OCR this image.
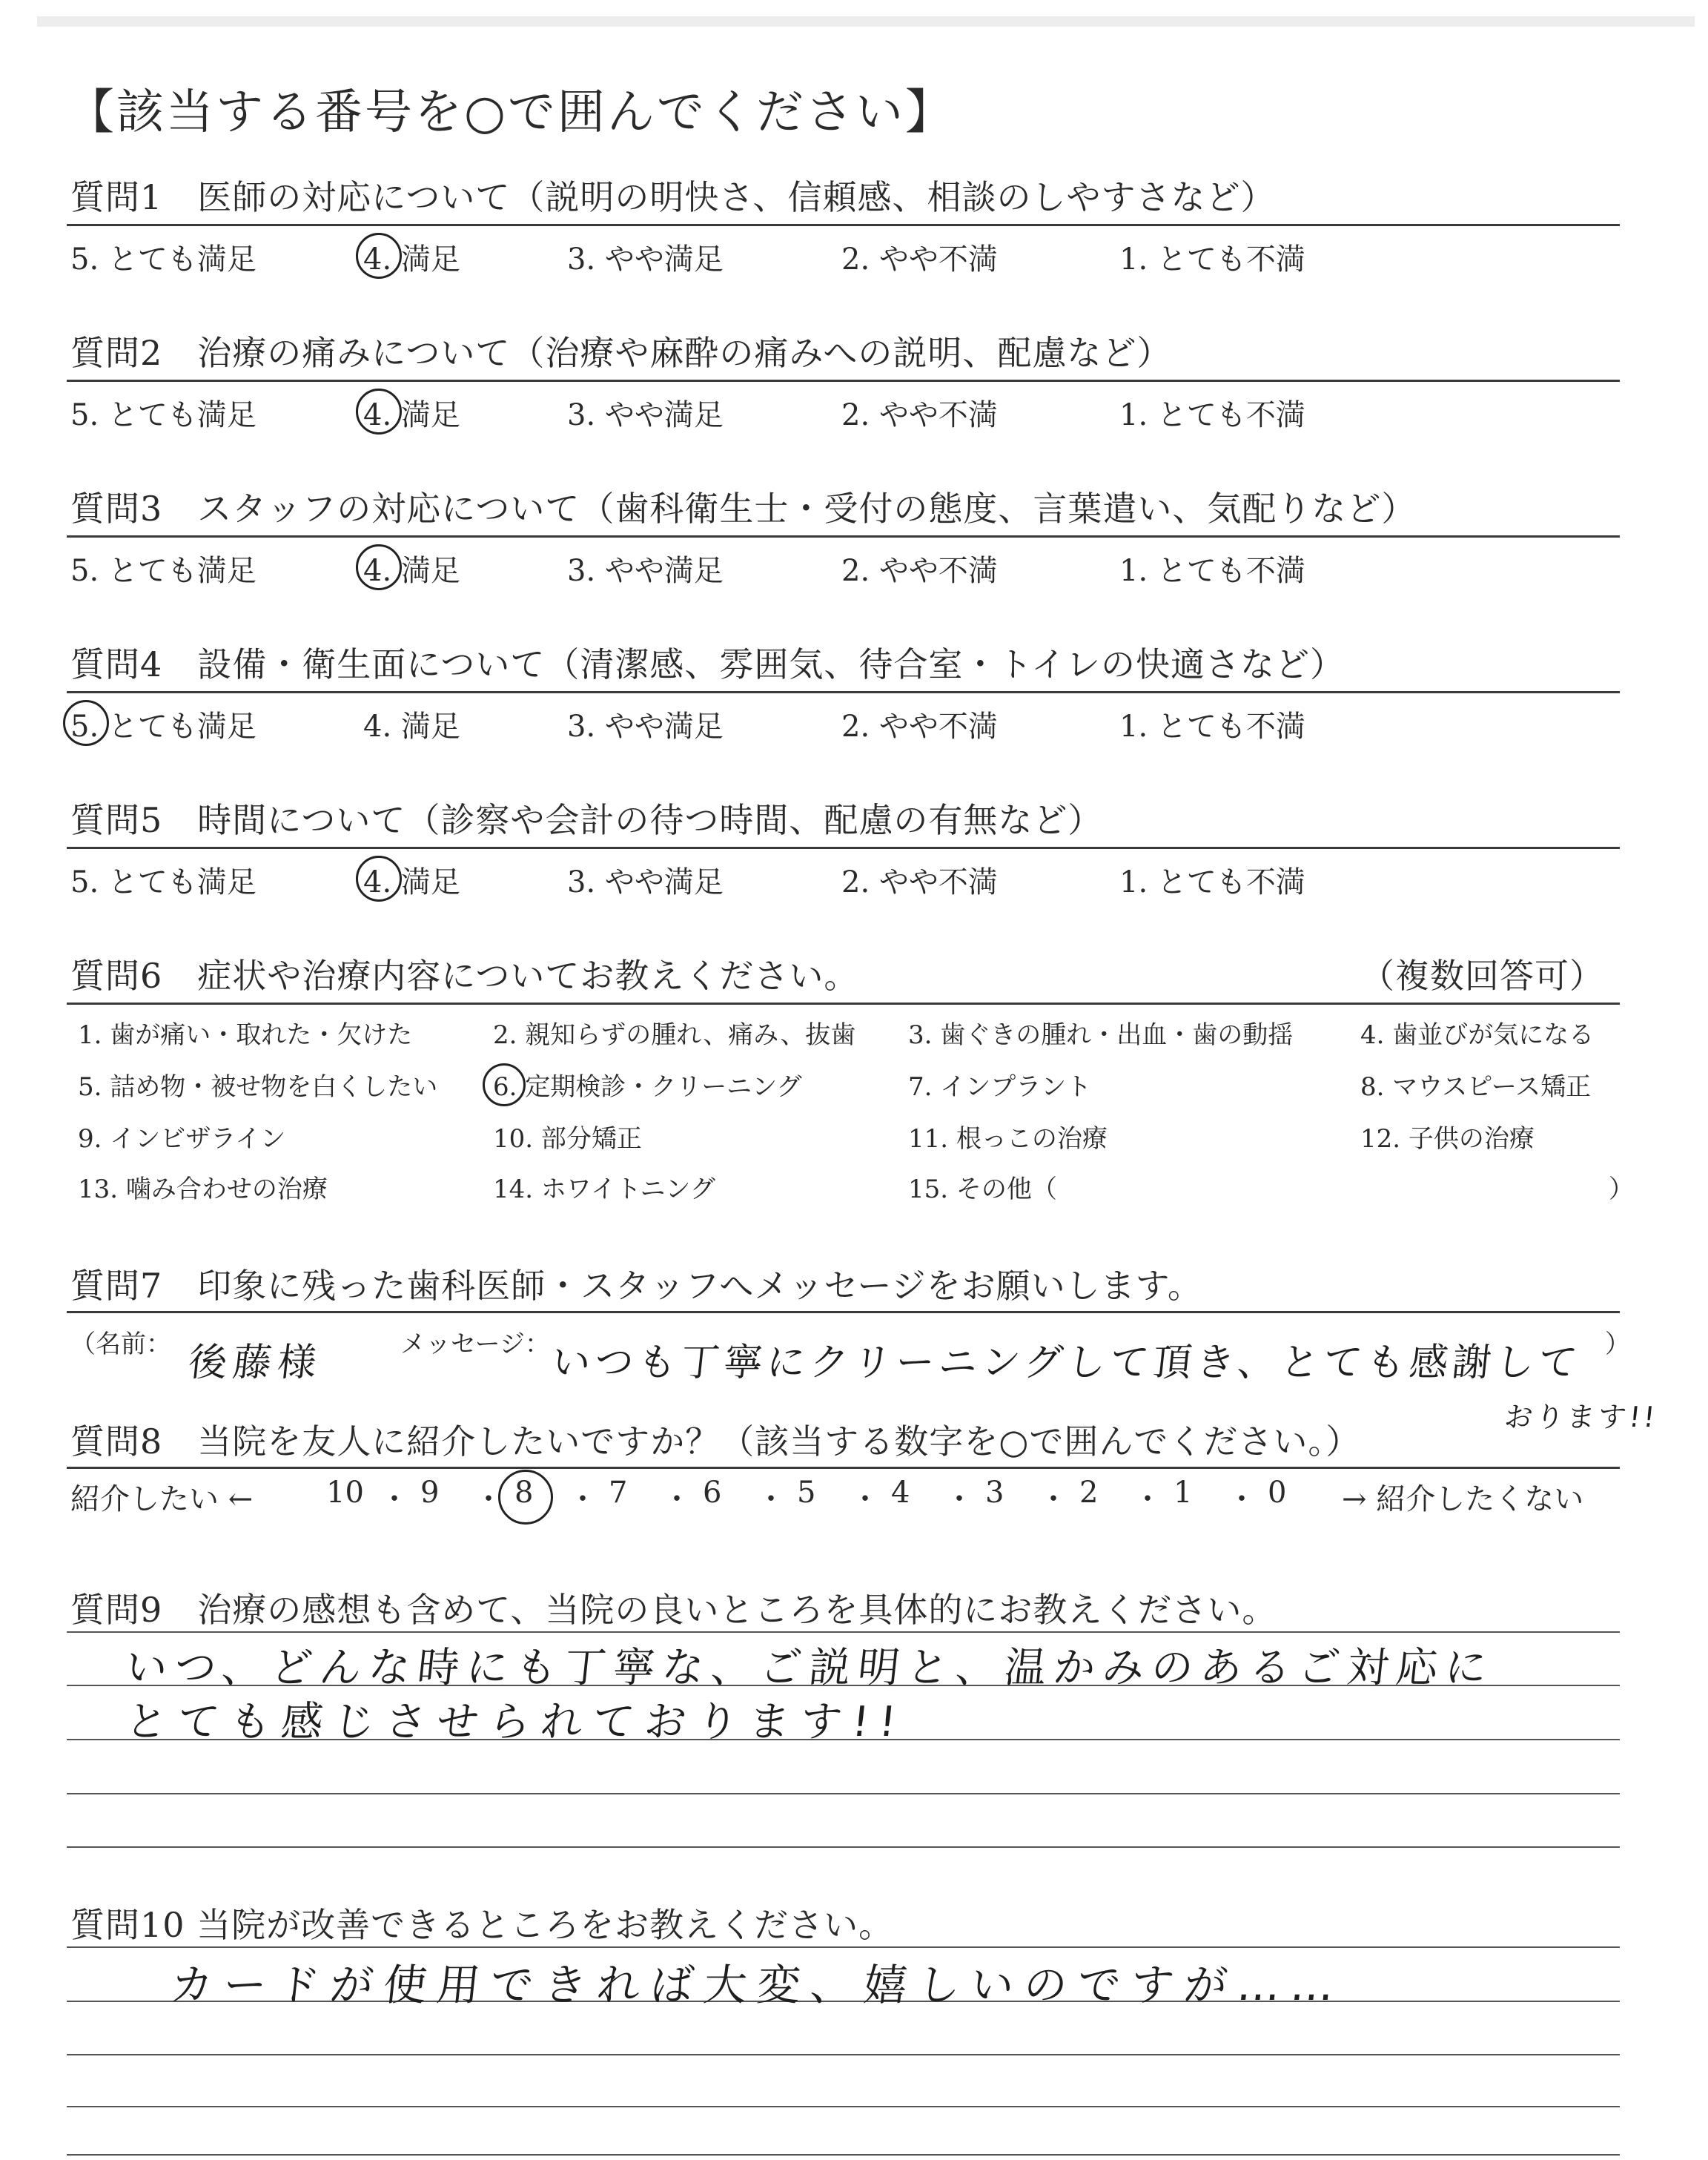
【該当する番号を○で囲んでください】
質問1　医師の対応について（説明の明快さ、信頼感、相談のしやすさなど）
5. とても満足	4. 満足	3. やや満足	2. やや不満	1. とても不満
質問2　治療の痛みについて（治療や麻酔の痛みへの説明、配慮など）
5. とても満足	4. 満足	3. やや満足	2. やや不満	1. とても不満
質問3　スタッフの対応について（歯科衛生士・受付の態度、言葉遣い、気配りなど）
5. とても満足	4. 満足	3. やや満足	2. やや不満	1. とても不満
質問4　設備・衛生面について（清潔感、雰囲気、待合室・トイレの快適さなど）
5. とても満足	4. 満足	3. やや満足	2. やや不満	1. とても不満
質問5　時間について（診察や会計の待つ時間、配慮の有無など）
5. とても満足	4. 満足	3. やや満足	2. やや不満	1. とても不満
質問6　症状や治療内容についてお教えください。	（複数回答可）
1. 歯が痛い・取れた・欠けた	2. 親知らずの腫れ、痛み、抜歯 3. 歯ぐきの腫れ・出血・歯の動揺	4. 歯並びが気になる
5. 詰め物・被せ物を白くしたい 6. 定期検診・クリーニング	7. インプラント	8. マウスピース矯正
9. インビザライン	10. 部分矯正	11. 根っこの治療	12. 子供の治療
13. 噛み合わせの治療	14. ホワイトニング	15. その他（	）
質問7　印象に残った歯科医師・スタッフへメッセージをお願いします。
（名前： 後藤様	メッセージ： いつも丁寧にクリーニングして頂き、とても感謝して ）
おります!!
質問8　当院を友人に紹介したいですか？（該当する数字を○で囲んでください。）
紹介したい ←	→ 紹介したくない
10 ・ 9 ・ 8 ・ 7 ・ 6 ・ 5 ・ 4 ・ 3 ・ 2 ・ 1 ・ 0
質問9　治療の感想も含めて、当院の良いところを具体的にお教えください。
いつ、どんな時にも丁寧な、ご説明と、温かみのあるご対応に
とても感じさせられております!!
質問10 当院が改善できるところをお教えください。
カードが使用できれば大変、嬉しいのですが……
